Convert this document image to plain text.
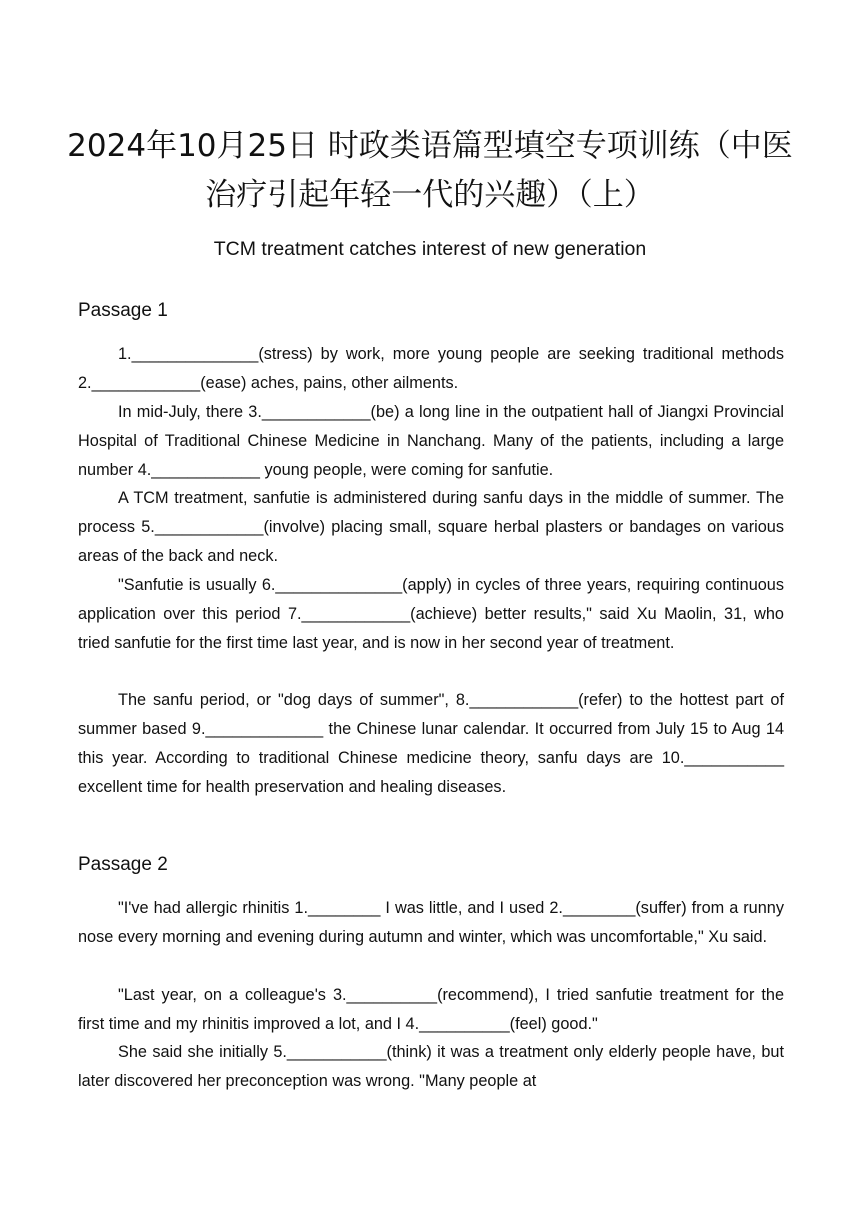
2024年10月25日 时政类语篇型填空专项训练（中医治疗引起年轻一代的兴趣）（上）
TCM treatment catches interest of new generation
Passage 1

1.______________(stress) by work, more young people are seeking traditional methods 2.____________(ease) aches, pains, other ailments.

In mid-July, there 3.____________(be) a long line in the outpatient hall of Jiangxi Provincial Hospital of Traditional Chinese Medicine in Nanchang. Many of the patients, including a large number 4.____________ young people, were coming for sanfutie.

A TCM treatment, sanfutie is administered during sanfu days in the middle of summer. The process 5.____________(involve) placing small, square herbal plasters or bandages on various areas of the back and neck.

"Sanfutie is usually 6.______________(apply) in cycles of three years, requiring continuous application over this period 7.____________(achieve) better results," said Xu Maolin, 31, who tried sanfutie for the first time last year, and is now in her second year of treatment.

The sanfu period, or "dog days of summer", 8.____________(refer) to the hottest part of summer based 9._____________ the Chinese lunar calendar. It occurred from July 15 to Aug 14 this year. According to traditional Chinese medicine theory, sanfu days are 10.___________ excellent time for health preservation and healing diseases.

Passage 2

"I've had allergic rhinitis 1.________ I was little, and I used 2.________(suffer) from a runny nose every morning and evening during autumn and winter, which was uncomfortable," Xu said.

"Last year, on a colleague's 3.__________(recommend), I tried sanfutie treatment for the first time and my rhinitis improved a lot, and I 4.__________(feel) good."

She said she initially 5.___________(think) it was a treatment only elderly people have, but later discovered her preconception was wrong. "Many people at
